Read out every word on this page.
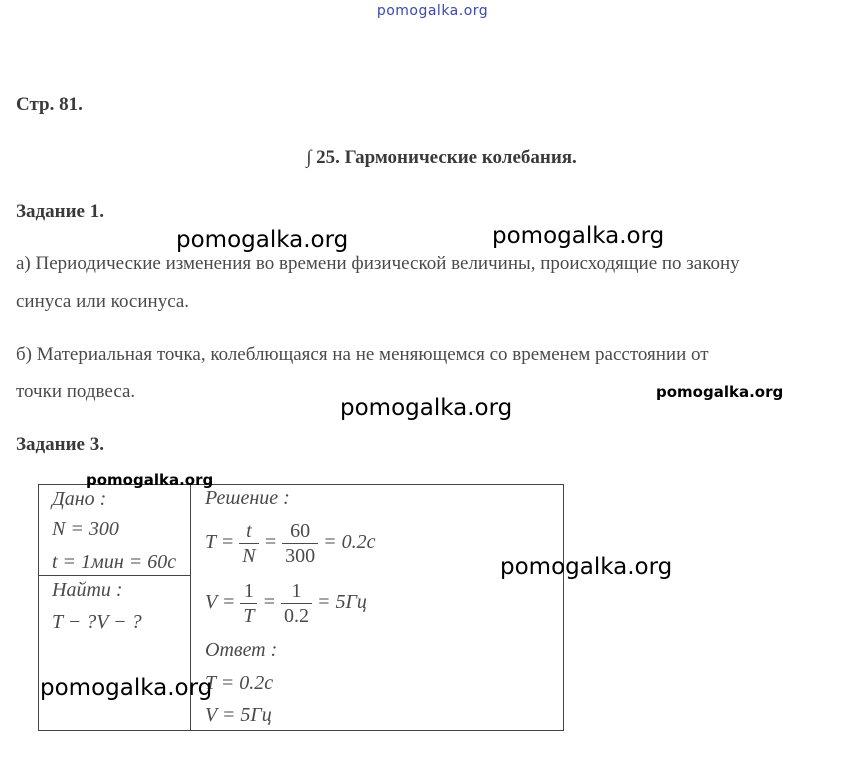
pomogalka.org
Стр. 81.
∫ 25. Гармонические колебания.
Задание 1.
а) Периодические изменения во времени физической величины, происходящие по закону
синуса или косинуса.
б) Материальная точка, колеблющаяся на не меняющемся со временем расстоянии от
точки подвеса.
Задание 3.
Дано :
N = 300
t = 1мин = 60c
Найти :
T − ?V − ?
Решение :
$T = \frac{t}{N} = \frac{60}{300} = 0.2c$
$V = \frac{1}{T} = \frac{1}{0.2} = 5Гц$
Ответ :
T = 0.2c
V = 5Гц
pomogalka.org	pomogalka.org
pomogalka.org
pomogalka.org
pomogalka.org
pomogalka.org
pomogalka.org
